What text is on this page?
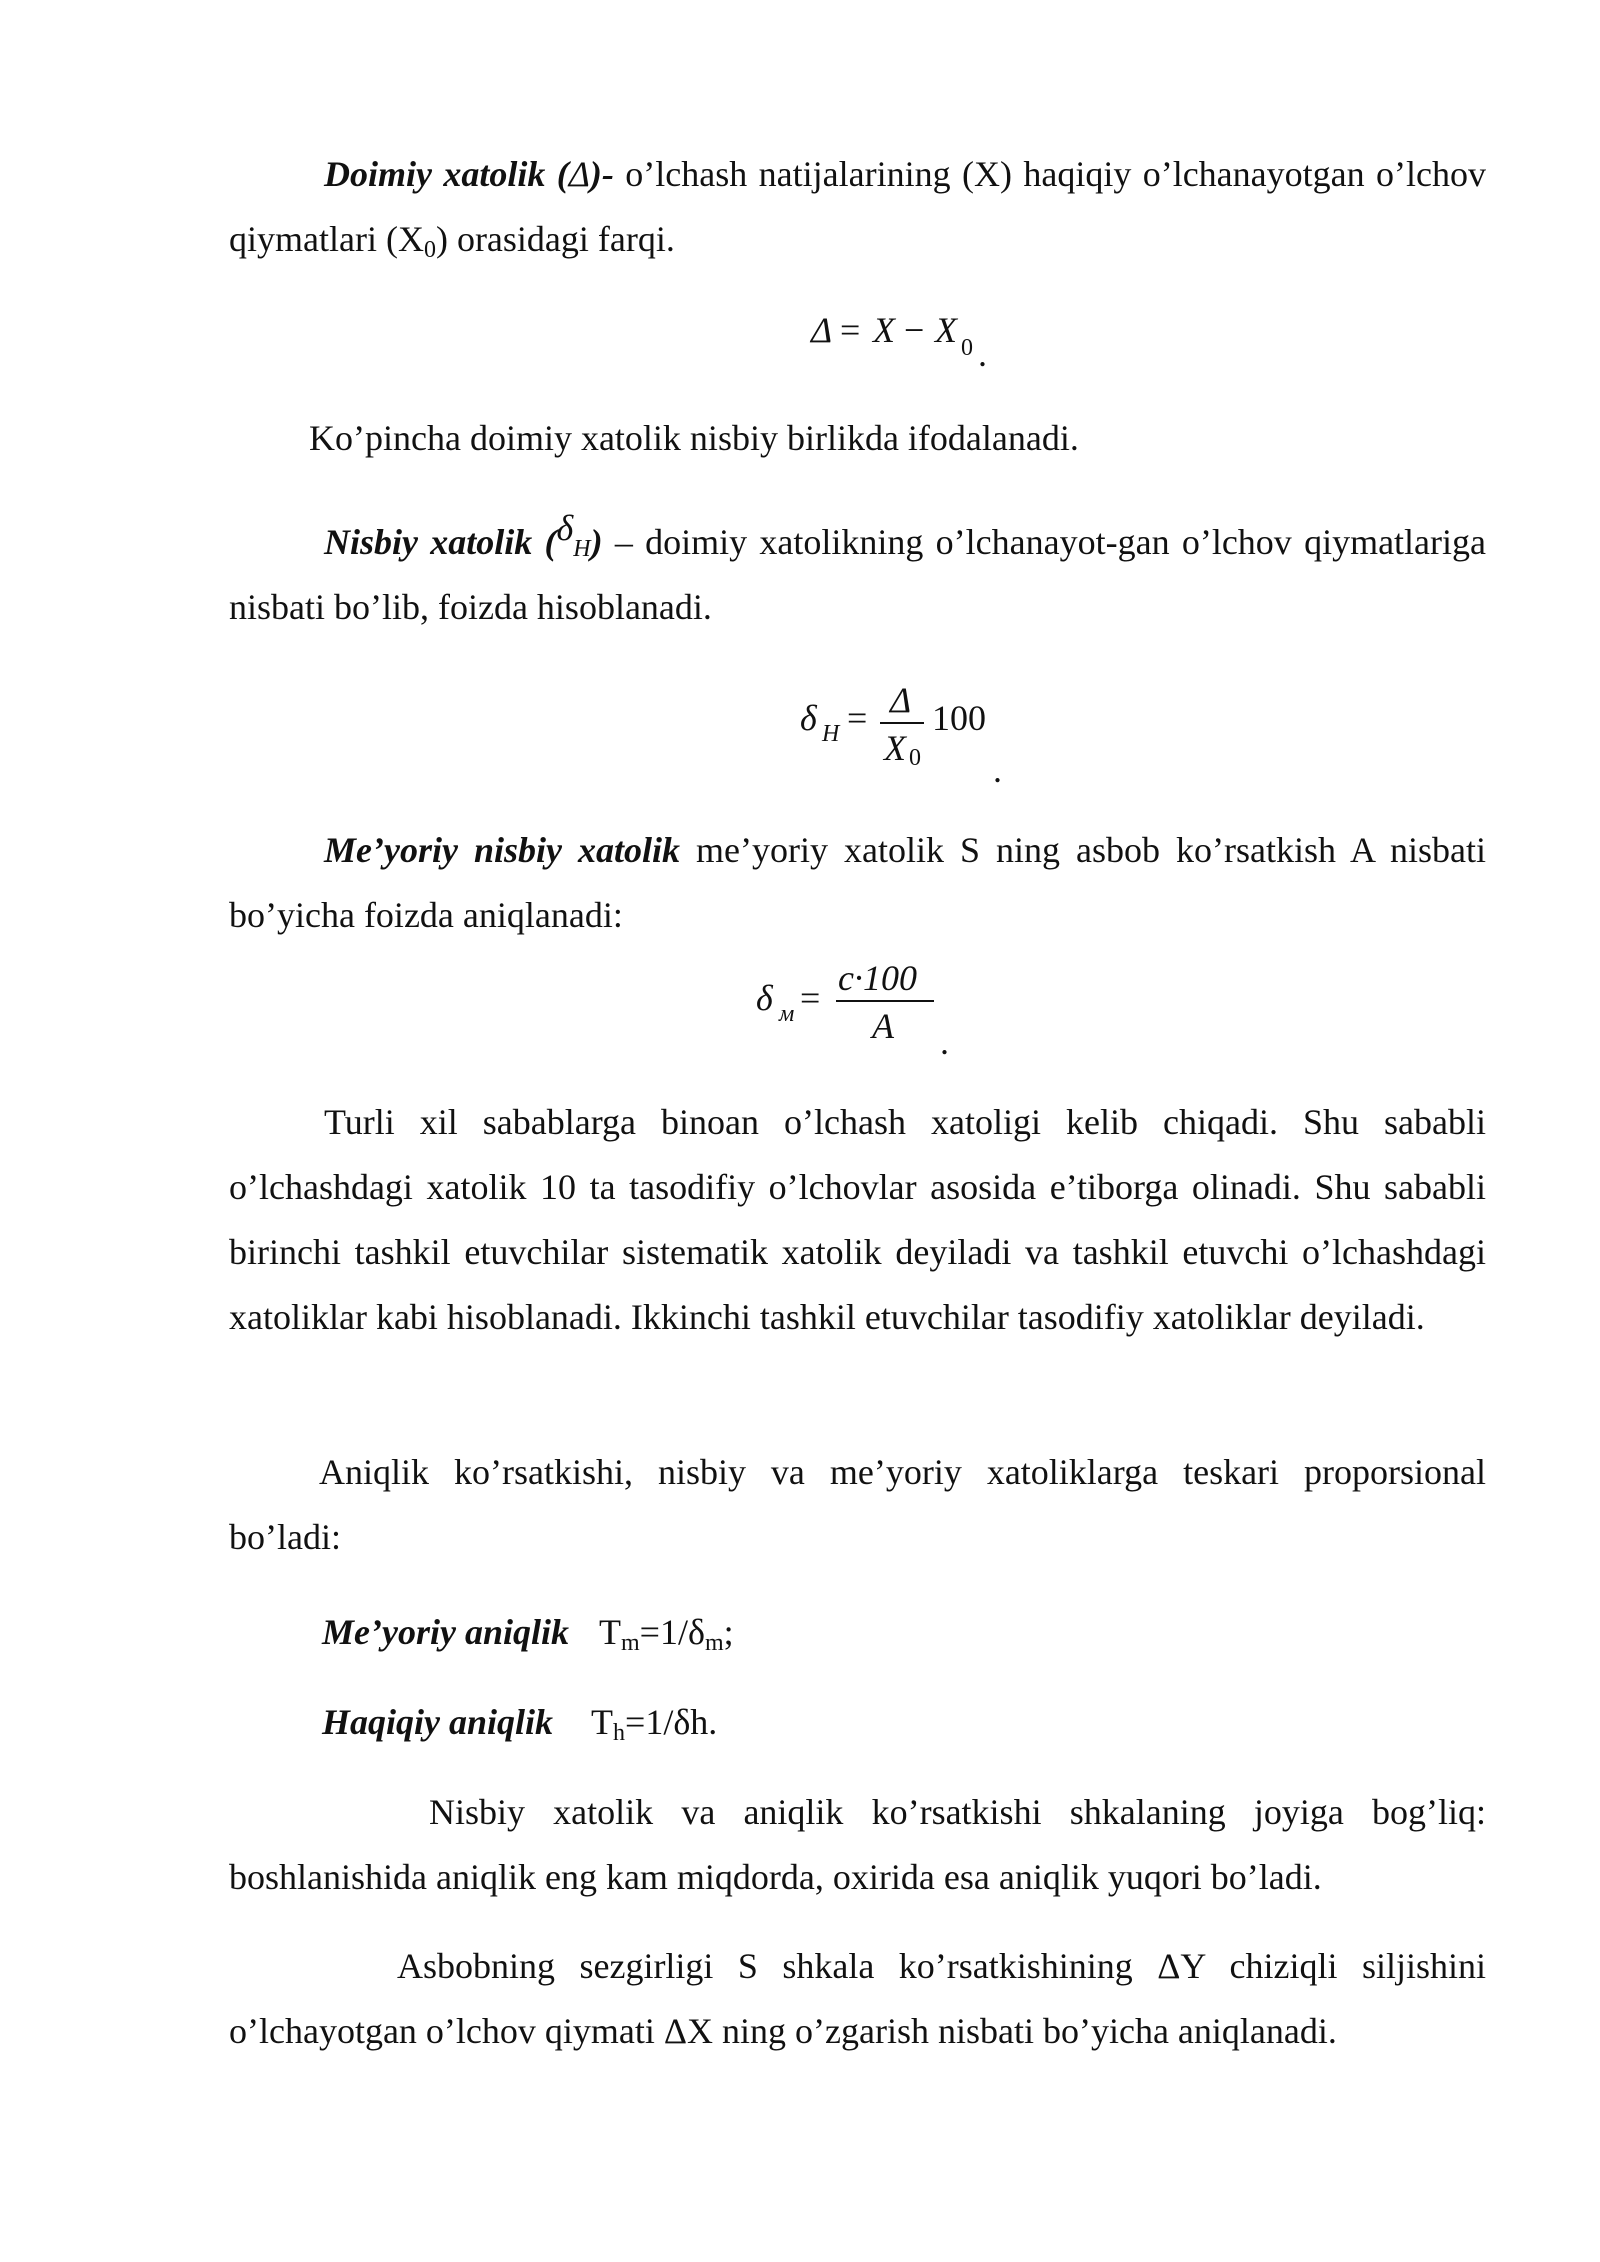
Doimiy xatolik (Δ)- o’lchash natijalarining (X) haqiqiy o’lchanayotgan o’lchov qiymatlari $(X_0)$ orasidagi farqi.

Δ = X − X 0 .

Ko’pincha doimiy xatolik nisbiy birlikda ifodalanadi.

Nisbiy xatolik $(\delta_H)$ – doimiy xatolikning o’lchanayot-gan o’lchov qiymatlariga nisbati bo’lib, foizda hisoblanadi.

δ H = Δ
X 0
100
.

Me’yoriy nisbiy xatolik me’yoriy xatolik S ning asbob ko’rsatkish A nisbati bo’yicha foizda aniqlanadi:

δ м = c·100
A .

Turli xil sabablarga binoan o’lchash xatoligi kelib chiqadi. Shu sababli o’lchashdagi xatolik 10 ta tasodifiy o’lchovlar asosida e’tiborga olinadi. Shu sababli birinchi tashkil etuvchilar sistematik xatolik deyiladi va tashkil etuvchi o’lchashdagi xatoliklar kabi hisoblanadi. Ikkinchi tashkil etuvchilar tasodifiy xatoliklar deyiladi.

Aniqlik ko’rsatkishi, nisbiy va me’yoriy xatoliklarga teskari proporsional bo’ladi:

Me’yoriy aniqlik $T_m=1/\delta_m$;
Haqiqiy aniqlik $T_h=1/\delta h$.

Nisbiy xatolik va aniqlik ko’rsatkishi shkalaning joyiga bog’liq: boshlanishida aniqlik eng kam miqdorda, oxirida esa aniqlik yuqori bo’ladi.

Asbobning sezgirligi S shkala ko’rsatkishining ΔY chiziqli siljishini o’lchayotgan o’lchov qiymati ΔX ning o’zgarish nisbati bo’yicha aniqlanadi.
